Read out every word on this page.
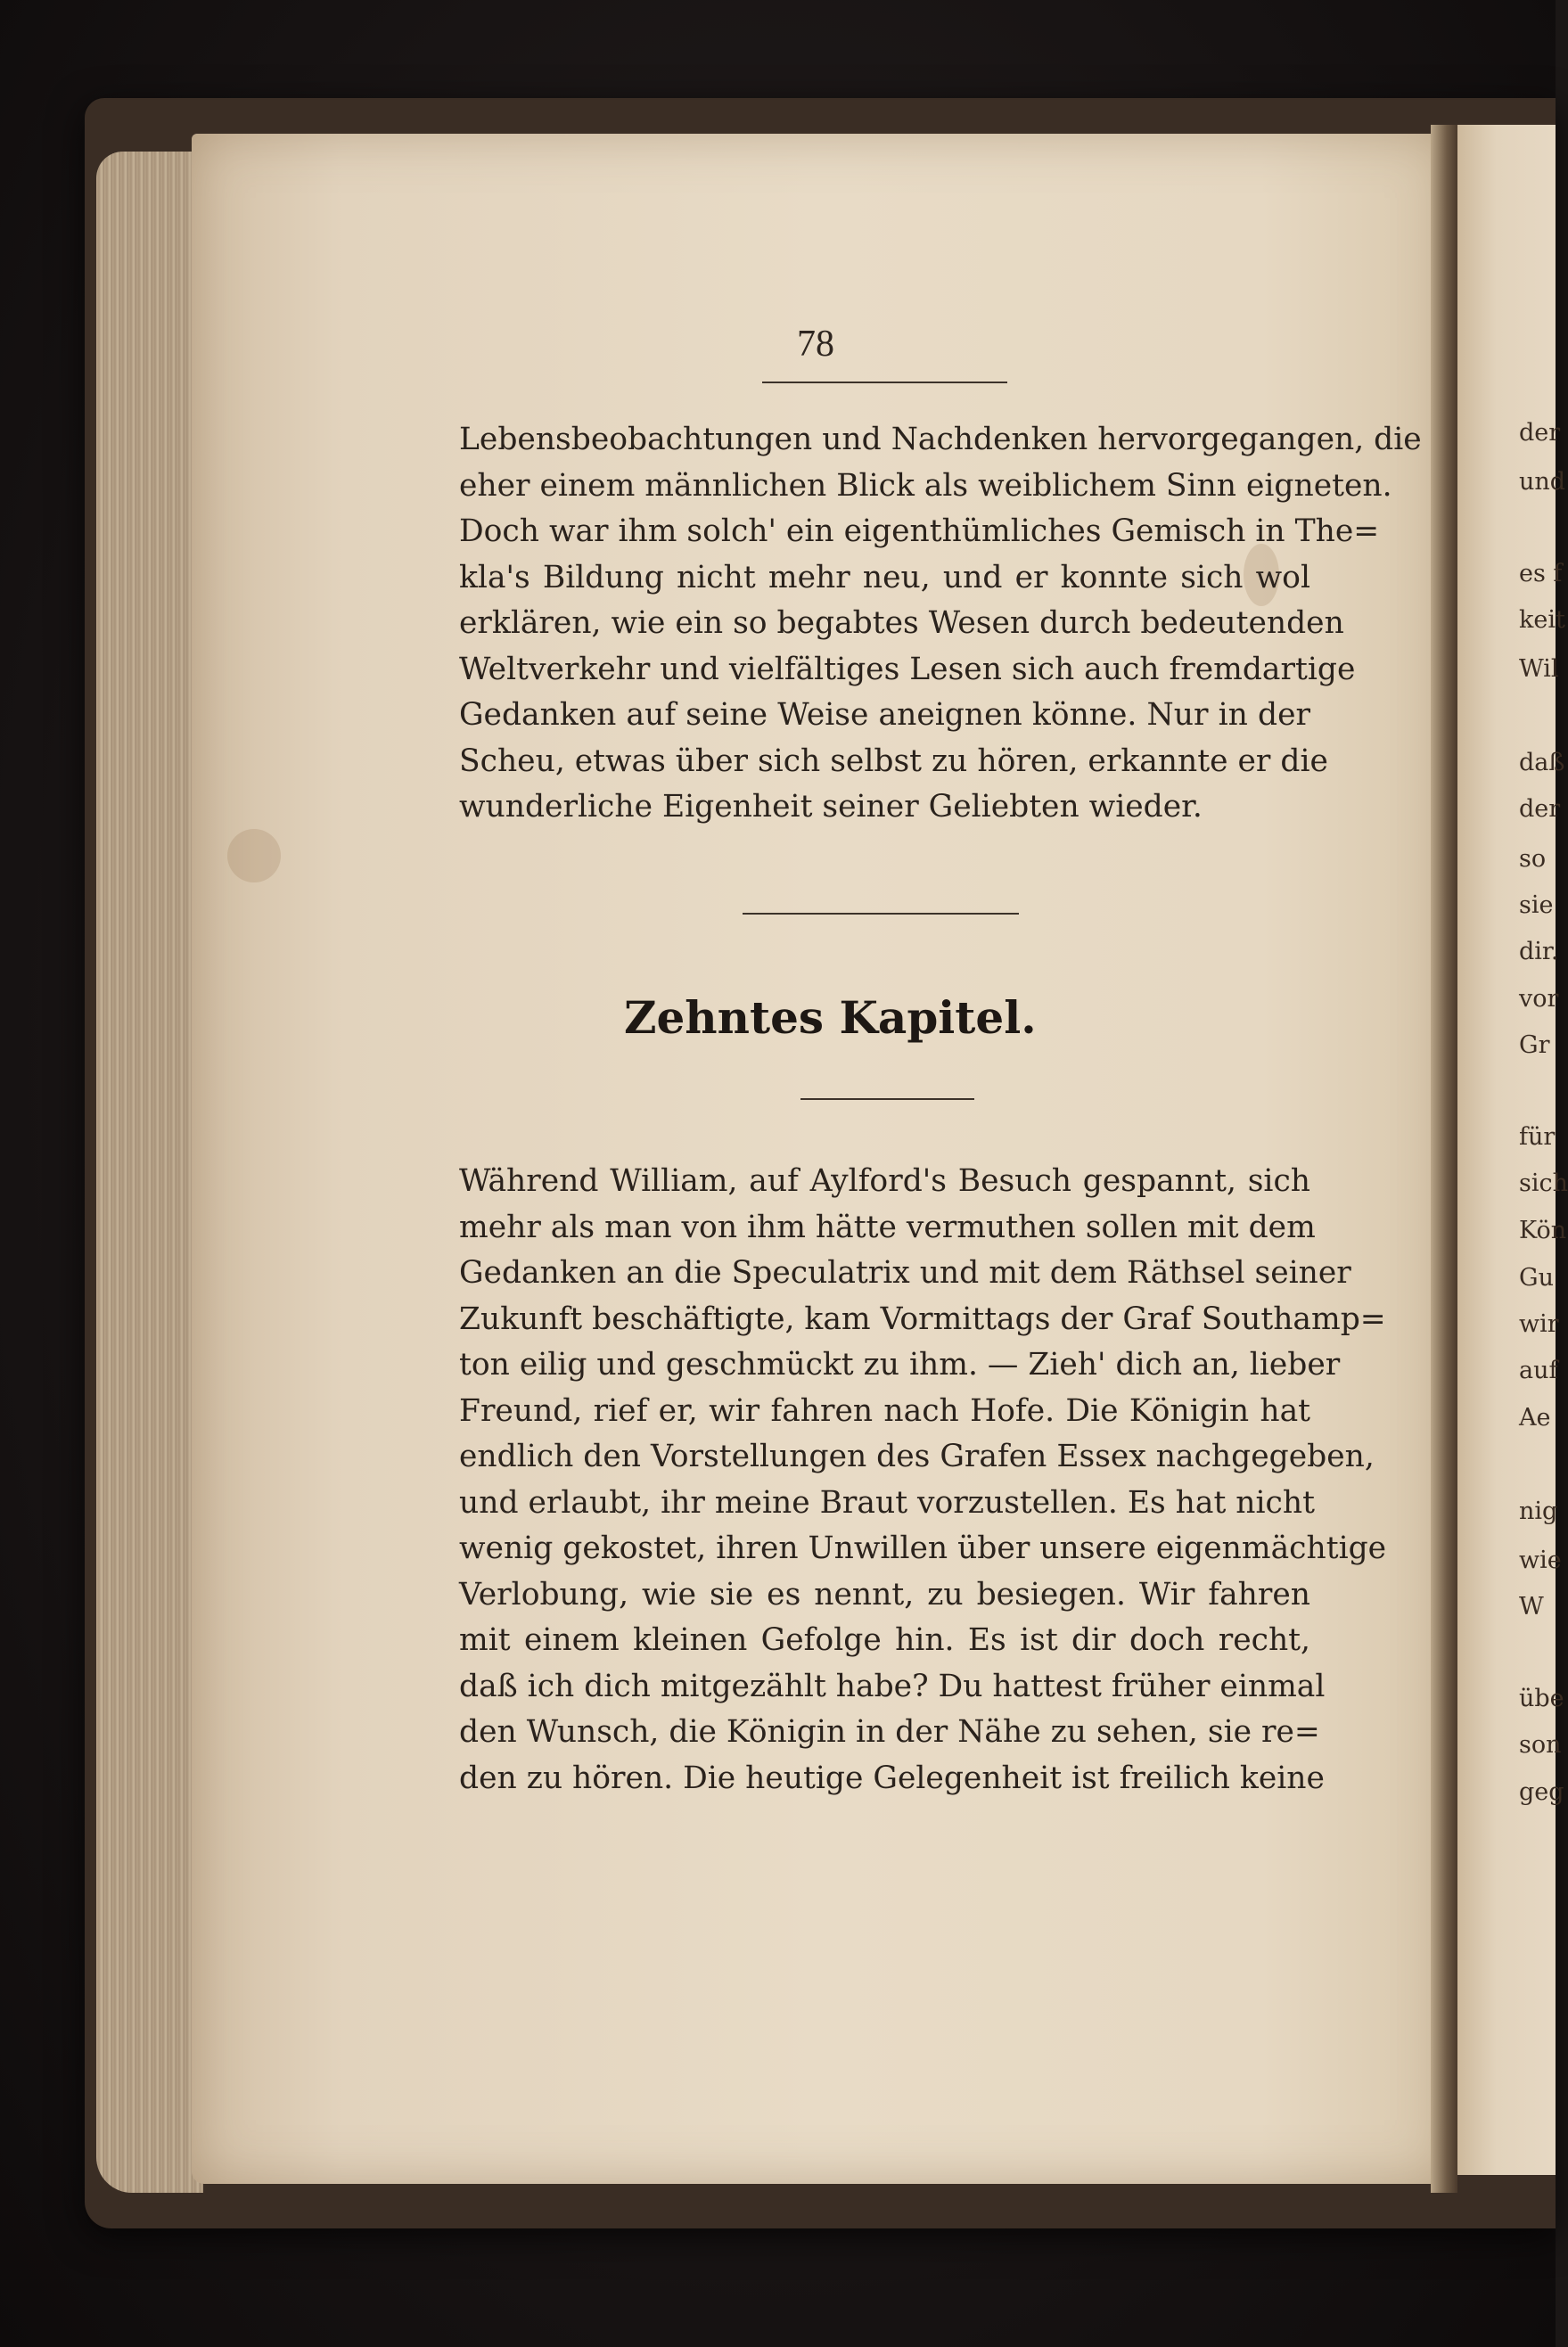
78
Lebensbeobachtungen und Nachdenken hervorgegangen, die
eher einem männlichen Blick als weiblichem Sinn eigneten.
Doch war ihm solch' ein eigenthümliches Gemisch in The=
kla's Bildung nicht mehr neu, und er konnte sich wol
erklären, wie ein so begabtes Wesen durch bedeutenden
Weltverkehr und vielfältiges Lesen sich auch fremdartige
Gedanken auf seine Weise aneignen könne. Nur in der
Scheu, etwas über sich selbst zu hören, erkannte er die
wunderliche Eigenheit seiner Geliebten wieder.
Zehntes Kapitel.
Während William, auf Aylford's Besuch gespannt, sich
mehr als man von ihm hätte vermuthen sollen mit dem
Gedanken an die Speculatrix und mit dem Räthsel seiner
Zukunft beschäftigte, kam Vormittags der Graf Southamp=
ton eilig und geschmückt zu ihm. — Zieh' dich an, lieber
Freund, rief er, wir fahren nach Hofe. Die Königin hat
endlich den Vorstellungen des Grafen Essex nachgegeben,
und erlaubt, ihr meine Braut vorzustellen. Es hat nicht
wenig gekostet, ihren Unwillen über unsere eigenmächtige
Verlobung, wie sie es nennt, zu besiegen. Wir fahren
mit einem kleinen Gefolge hin. Es ist dir doch recht,
daß ich dich mitgezählt habe? Du hattest früher einmal
den Wunsch, die Königin in der Nähe zu sehen, sie re=
den zu hören. Die heutige Gelegenheit ist freilich keine
der
und
es f
keit
Wil
daß
der
so
sie
dir.
vor
Gr
für
sich
Kön
Gu
wir
auf
Ae
nig
wie
W
übe
son
geg
